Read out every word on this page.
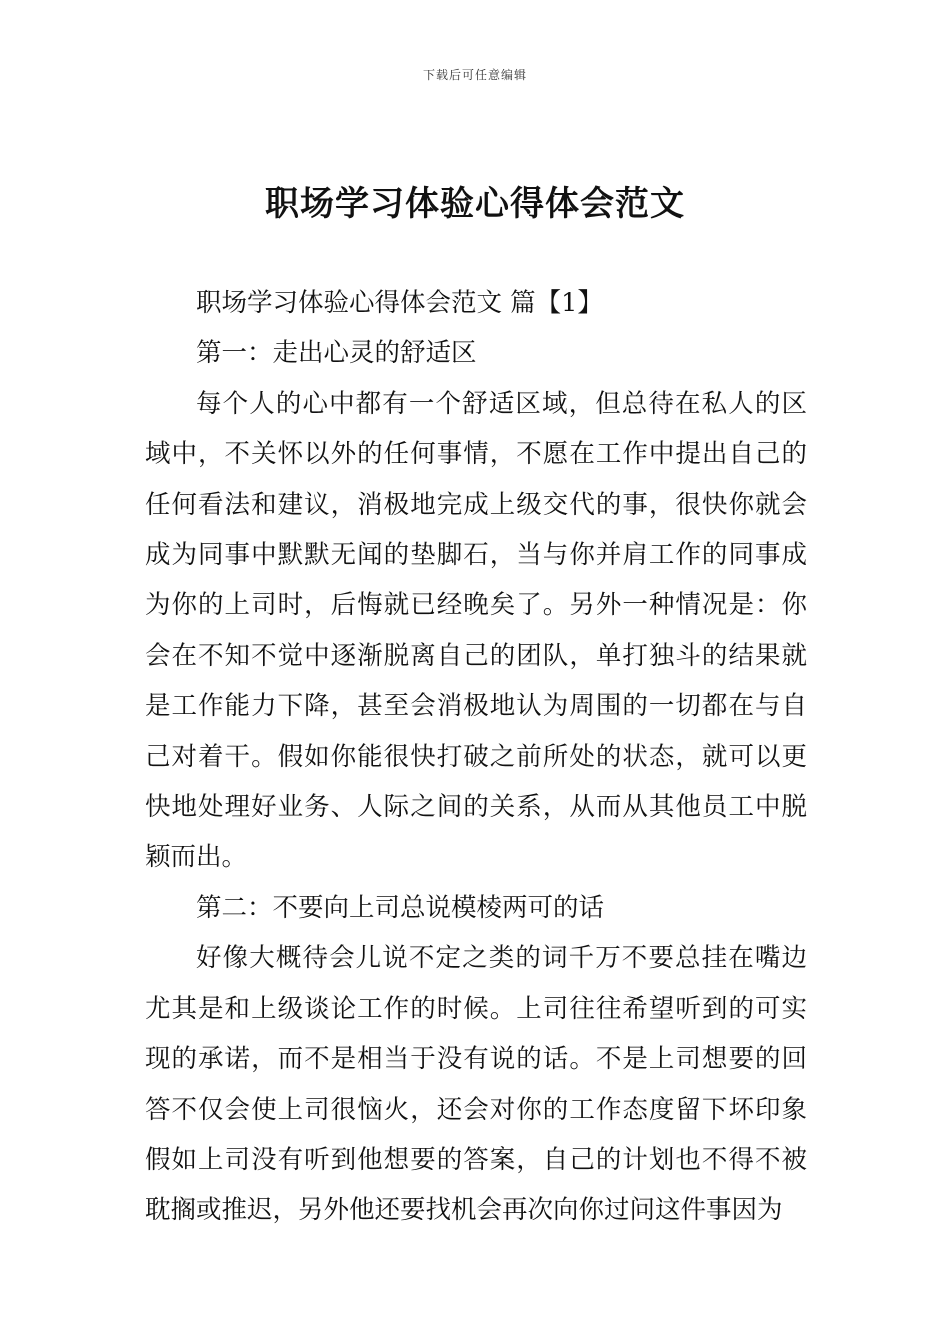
下载后可任意编辑
职场学习体验心得体会范文

职场学习体验心得体会范文 篇【1】

第一：走出心灵的舒适区

每个人的心中都有一个舒适区域，但总待在私人的区域中，不关怀以外的任何事情，不愿在工作中提出自己的任何看法和建议，消极地完成上级交代的事，很快你就会成为同事中默默无闻的垫脚石，当与你并肩工作的同事成为你的上司时，后悔就已经晚矣了。另外一种情况是：你会在不知不觉中逐渐脱离自己的团队，单打独斗的结果就是工作能力下降，甚至会消极地认为周围的一切都在与自己对着干。假如你能很快打破之前所处的状态，就可以更快地处理好业务、人际之间的关系，从而从其他员工中脱颖而出。

第二：不要向上司总说模棱两可的话

好像大概待会儿说不定之类的词千万不要总挂在嘴边尤其是和上级谈论工作的时候。上司往往希望听到的可实现的承诺，而不是相当于没有说的话。不是上司想要的回答不仅会使上司很恼火，还会对你的工作态度留下坏印象假如上司没有听到他想要的答案，自己的计划也不得不被耽搁或推迟，另外他还要找机会再次向你过问这件事因为
